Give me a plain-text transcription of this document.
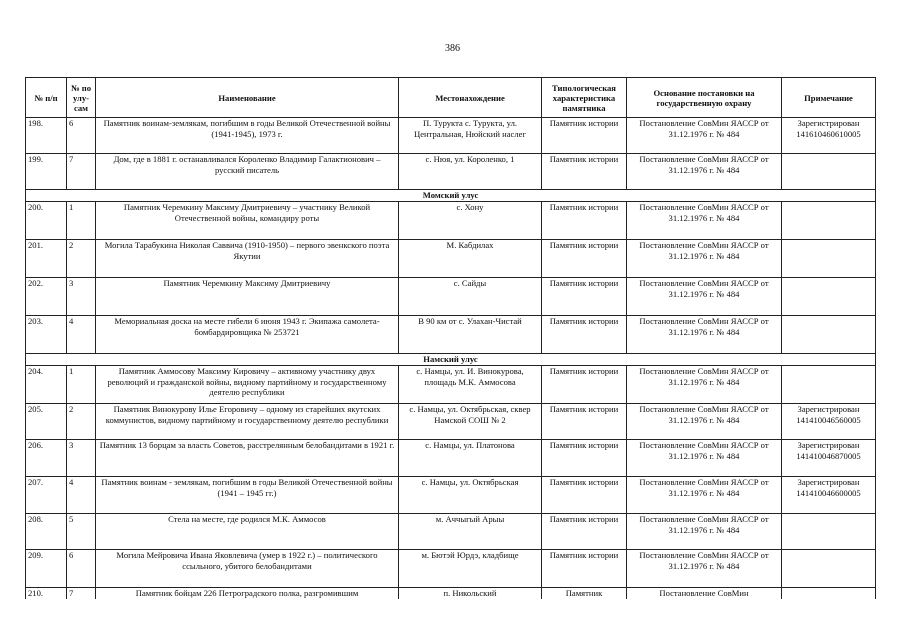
386
№ п/п	№ по улу-сам	Наименование	Местонахождение	Типологическая характеристика памятника	Основание постановки на государственную охрану	Примечание
198.	6	Памятник воинам-землякам, погибшим в годы Великой Отечественной войны (1941-1945), 1973 г.	П. Турукта с. Турукта, ул. Центральная, Нюйский наслег	Памятник истории	Постановление СовМин ЯАССР от 31.12.1976 г. № 484	Зарегистрирован 141610460610005
199.	7	Дом, где в 1881 г. останавливался Короленко Владимир Галактионович – русский писатель	с. Нюя, ул. Короленко, 1	Памятник истории	Постановление СовМин ЯАССР от 31.12.1976 г. № 484	
Момский улус						
200.	1	Памятник Черемкину Максиму Дмитриевичу – участнику Великой Отечественной войны, командиру роты	с. Хону	Памятник истории	Постановление СовМин ЯАССР от 31.12.1976 г. № 484	
201.	2	Могила Тарабукина Николая Саввича (1910-1950) – первого эвенкского поэта Якутии	М. Кабдилах	Памятник истории	Постановление СовМин ЯАССР от 31.12.1976 г. № 484	
202.	3	Памятник Черемкину Максиму Дмитриевичу	с. Сайды	Памятник истории	Постановление СовМин ЯАССР от 31.12.1976 г. № 484	
203.	4	Мемориальная доска на месте гибели 6 июня 1943 г. Экипажа самолета-бомбардировщика № 253721	В 90 км от с. Улахан-Чистай	Памятник истории	Постановление СовМин ЯАССР от 31.12.1976 г. № 484	
Намский улус						
204.	1	Памятник Аммосову Максиму Кировичу – активному участнику двух революций и гражданской войны, видному партийному и государственному деятелю республики	с. Намцы, ул. И. Винокурова, площадь М.К. Аммосова	Памятник истории	Постановление СовМин ЯАССР от 31.12.1976 г. № 484	
205.	2	Памятник Винокурову Илье Егоровичу – одному из старейших якутских коммунистов, видному партийному и государственному деятелю республики	с. Намцы, ул. Октябрьская, сквер Намской СОШ № 2	Памятник истории	Постановление СовМин ЯАССР от 31.12.1976 г. № 484	Зарегистрирован 141410046560005
206.	3	Памятник 13 борцам за власть Советов, расстрелянным белобандитами в 1921 г.	с. Намцы, ул. Платонова	Памятник истории	Постановление СовМин ЯАССР от 31.12.1976 г. № 484	Зарегистрирован 141410046870005
207.	4	Памятник воинам - землякам, погибшим в годы Великой Отечественной войны (1941 – 1945 гг.)	с. Намцы, ул. Октябрьская	Памятник истории	Постановление СовМин ЯАССР от 31.12.1976 г. № 484	Зарегистрирован 141410046600005
208.	5	Стела на месте, где родился М.К. Аммосов	м. Аччыгый Арыы	Памятник истории	Постановление СовМин ЯАССР от 31.12.1976 г. № 484	
209.	6	Могила Мейровича Ивана Яковлевича (умер в 1922 г.) – политического ссыльного, убитого белобандитами	м. Бютэй Юрдэ, кладбище	Памятник истории	Постановление СовМин ЯАССР от 31.12.1976 г. № 484	
210.	7	Памятник бойцам 226 Петроградского полка, разгромившим	п. Никольский	Памятник	Постановление СовМин	
